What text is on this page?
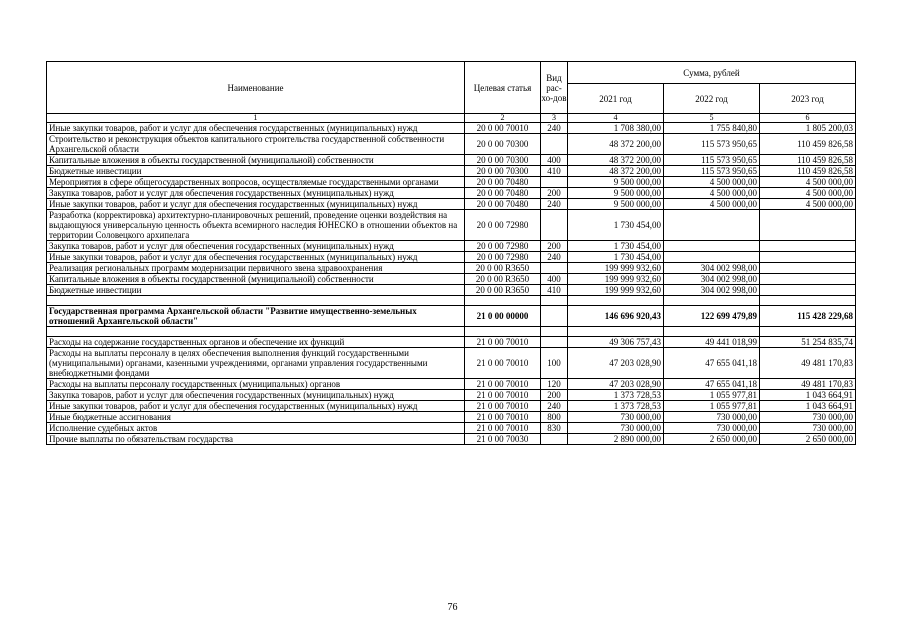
Наименование	Целевая статья	Вид рас-хо-дов	Сумма, рублей		
			2021 год	2022 год	2023 год
1	2	3	4	5	6
Иные закупки товаров, работ и услуг для обеспечения государственных (муниципальных) нужд	20 0 00 70010	240	1 708 380,00	1 755 840,80	1 805 200,03
Строительство и реконструкция объектов капитального строительства государственной собственности Архангельской области	20 0 00 70300		48 372 200,00	115 573 950,65	110 459 826,58
Капитальные вложения в объекты государственной (муниципальной) собственности	20 0 00 70300	400	48 372 200,00	115 573 950,65	110 459 826,58
Бюджетные инвестиции	20 0 00 70300	410	48 372 200,00	115 573 950,65	110 459 826,58
Мероприятия в сфере общегосударственных вопросов, осуществляемые государственными органами	20 0 00 70480		9 500 000,00	4 500 000,00	4 500 000,00
Закупка товаров, работ и услуг для обеспечения государственных (муниципальных) нужд	20 0 00 70480	200	9 500 000,00	4 500 000,00	4 500 000,00
Иные закупки товаров, работ и услуг для обеспечения государственных (муниципальных) нужд	20 0 00 70480	240	9 500 000,00	4 500 000,00	4 500 000,00
Разработка (корректировка) архитектурно-планировочных решений, проведение оценки воздействия на выдающуюся универсальную ценность объекта всемирного наследия ЮНЕСКО в отношении объектов на территории Соловецкого архипелага	20 0 00 72980		1 730 454,00		
Закупка товаров, работ и услуг для обеспечения государственных (муниципальных) нужд	20 0 00 72980	200	1 730 454,00		
Иные закупки товаров, работ и услуг для обеспечения государственных (муниципальных) нужд	20 0 00 72980	240	1 730 454,00		
Реализация региональных программ модернизации первичного звена здравоохранения	20 0 00 R3650		199 999 932,60	304 002 998,00	
Капитальные вложения в объекты государственной (муниципальной) собственности	20 0 00 R3650	400	199 999 932,60	304 002 998,00	
Бюджетные инвестиции	20 0 00 R3650	410	199 999 932,60	304 002 998,00	

Государственная программа Архангельской области "Развитие имущественно-земельных отношений Архангельской области"	21 0 00 00000		146 696 920,43	122 699 479,89	115 428 229,68

Расходы на содержание государственных органов и обеспечение их функций	21 0 00 70010		49 306 757,43	49 441 018,99	51 254 835,74
Расходы на выплаты персоналу в целях обеспечения выполнения функций государственными (муниципальными) органами, казенными учреждениями, органами управления государственными внебюджетными фондами	21 0 00 70010	100	47 203 028,90	47 655 041,18	49 481 170,83
Расходы на выплаты персоналу государственных (муниципальных) органов	21 0 00 70010	120	47 203 028,90	47 655 041,18	49 481 170,83
Закупка товаров, работ и услуг для обеспечения государственных (муниципальных) нужд	21 0 00 70010	200	1 373 728,53	1 055 977,81	1 043 664,91
Иные закупки товаров, работ и услуг для обеспечения государственных (муниципальных) нужд	21 0 00 70010	240	1 373 728,53	1 055 977,81	1 043 664,91
Иные бюджетные ассигнования	21 0 00 70010	800	730 000,00	730 000,00	730 000,00
Исполнение судебных актов	21 0 00 70010	830	730 000,00	730 000,00	730 000,00
Прочие выплаты по обязательствам государства	21 0 00 70030		2 890 000,00	2 650 000,00	2 650 000,00
76
